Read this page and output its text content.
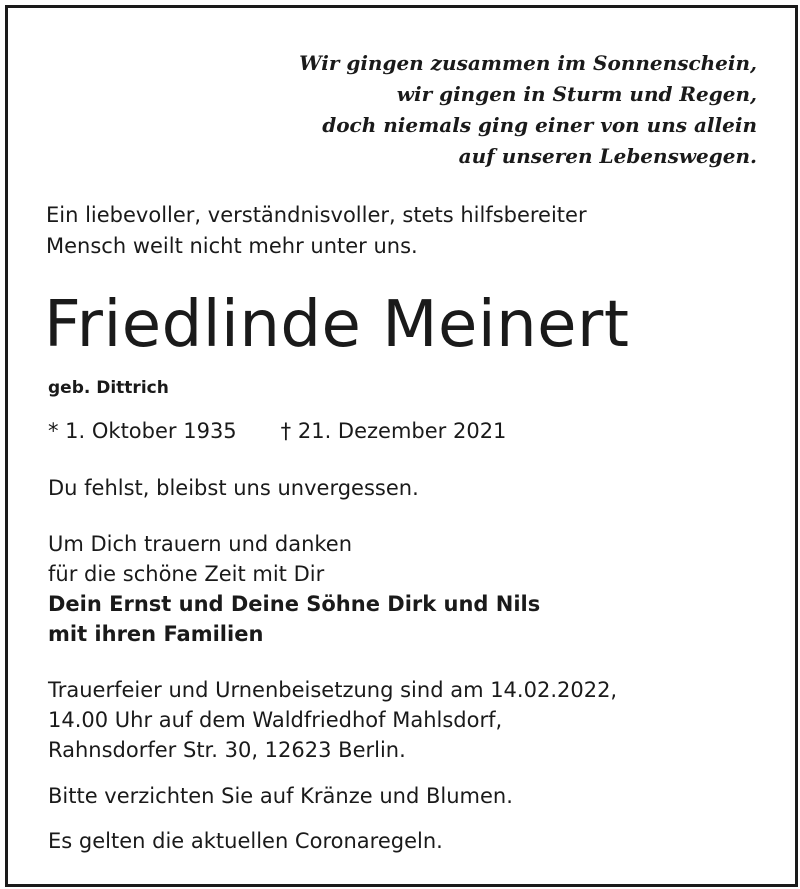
Wir gingen zusammen im Sonnenschein,
wir gingen in Sturm und Regen,
doch niemals ging einer von uns allein
auf unseren Lebenswegen.
Ein liebevoller, verständnisvoller, stets hilfsbereiter
Mensch weilt nicht mehr unter uns.
Friedlinde Meinert
geb. Dittrich
* 1. Oktober 1935 † 21. Dezember 2021
Du fehlst, bleibst uns unvergessen.
Um Dich trauern und danken
für die schöne Zeit mit Dir
Dein Ernst und Deine Söhne Dirk und Nils
mit ihren Familien
Trauerfeier und Urnenbeisetzung sind am 14.02.2022,
14.00 Uhr auf dem Waldfriedhof Mahlsdorf,
Rahnsdorfer Str. 30, 12623 Berlin.
Bitte verzichten Sie auf Kränze und Blumen.
Es gelten die aktuellen Coronaregeln.
